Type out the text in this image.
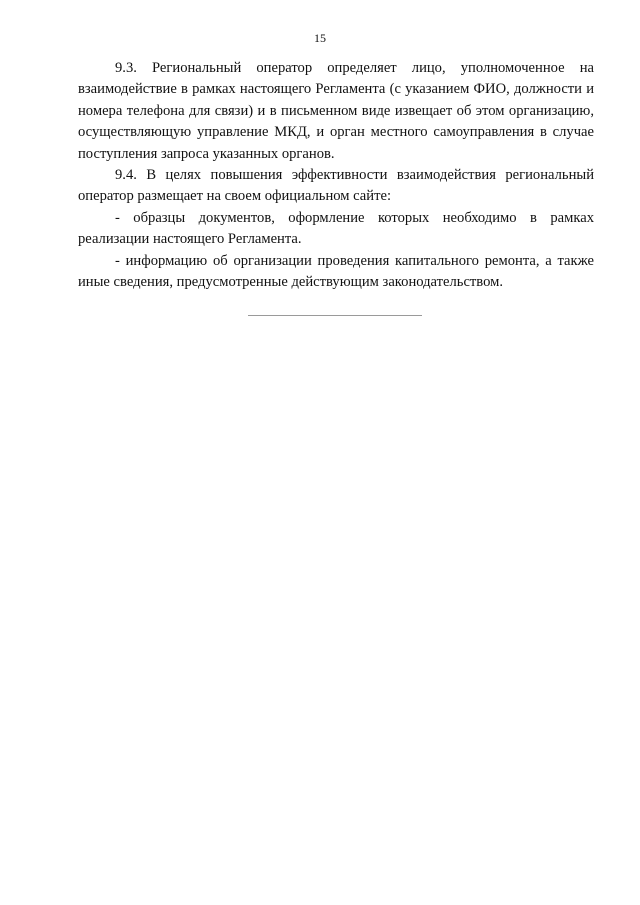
15

9.3. Региональный оператор определяет лицо, уполномоченное на взаимодействие в рамках настоящего Регламента (с указанием ФИО, должности и номера телефона для связи) и в письменном виде извещает об этом организацию, осуществляющую управление МКД, и орган местного самоуправления в случае поступления запроса указанных органов.

9.4. В целях повышения эффективности взаимодействия региональный оператор размещает на своем официальном сайте:

- образцы документов, оформление которых необходимо в рамках реализации настоящего Регламента.

- информацию об организации проведения капитального ремонта, а также иные сведения, предусмотренные действующим законодательством.
